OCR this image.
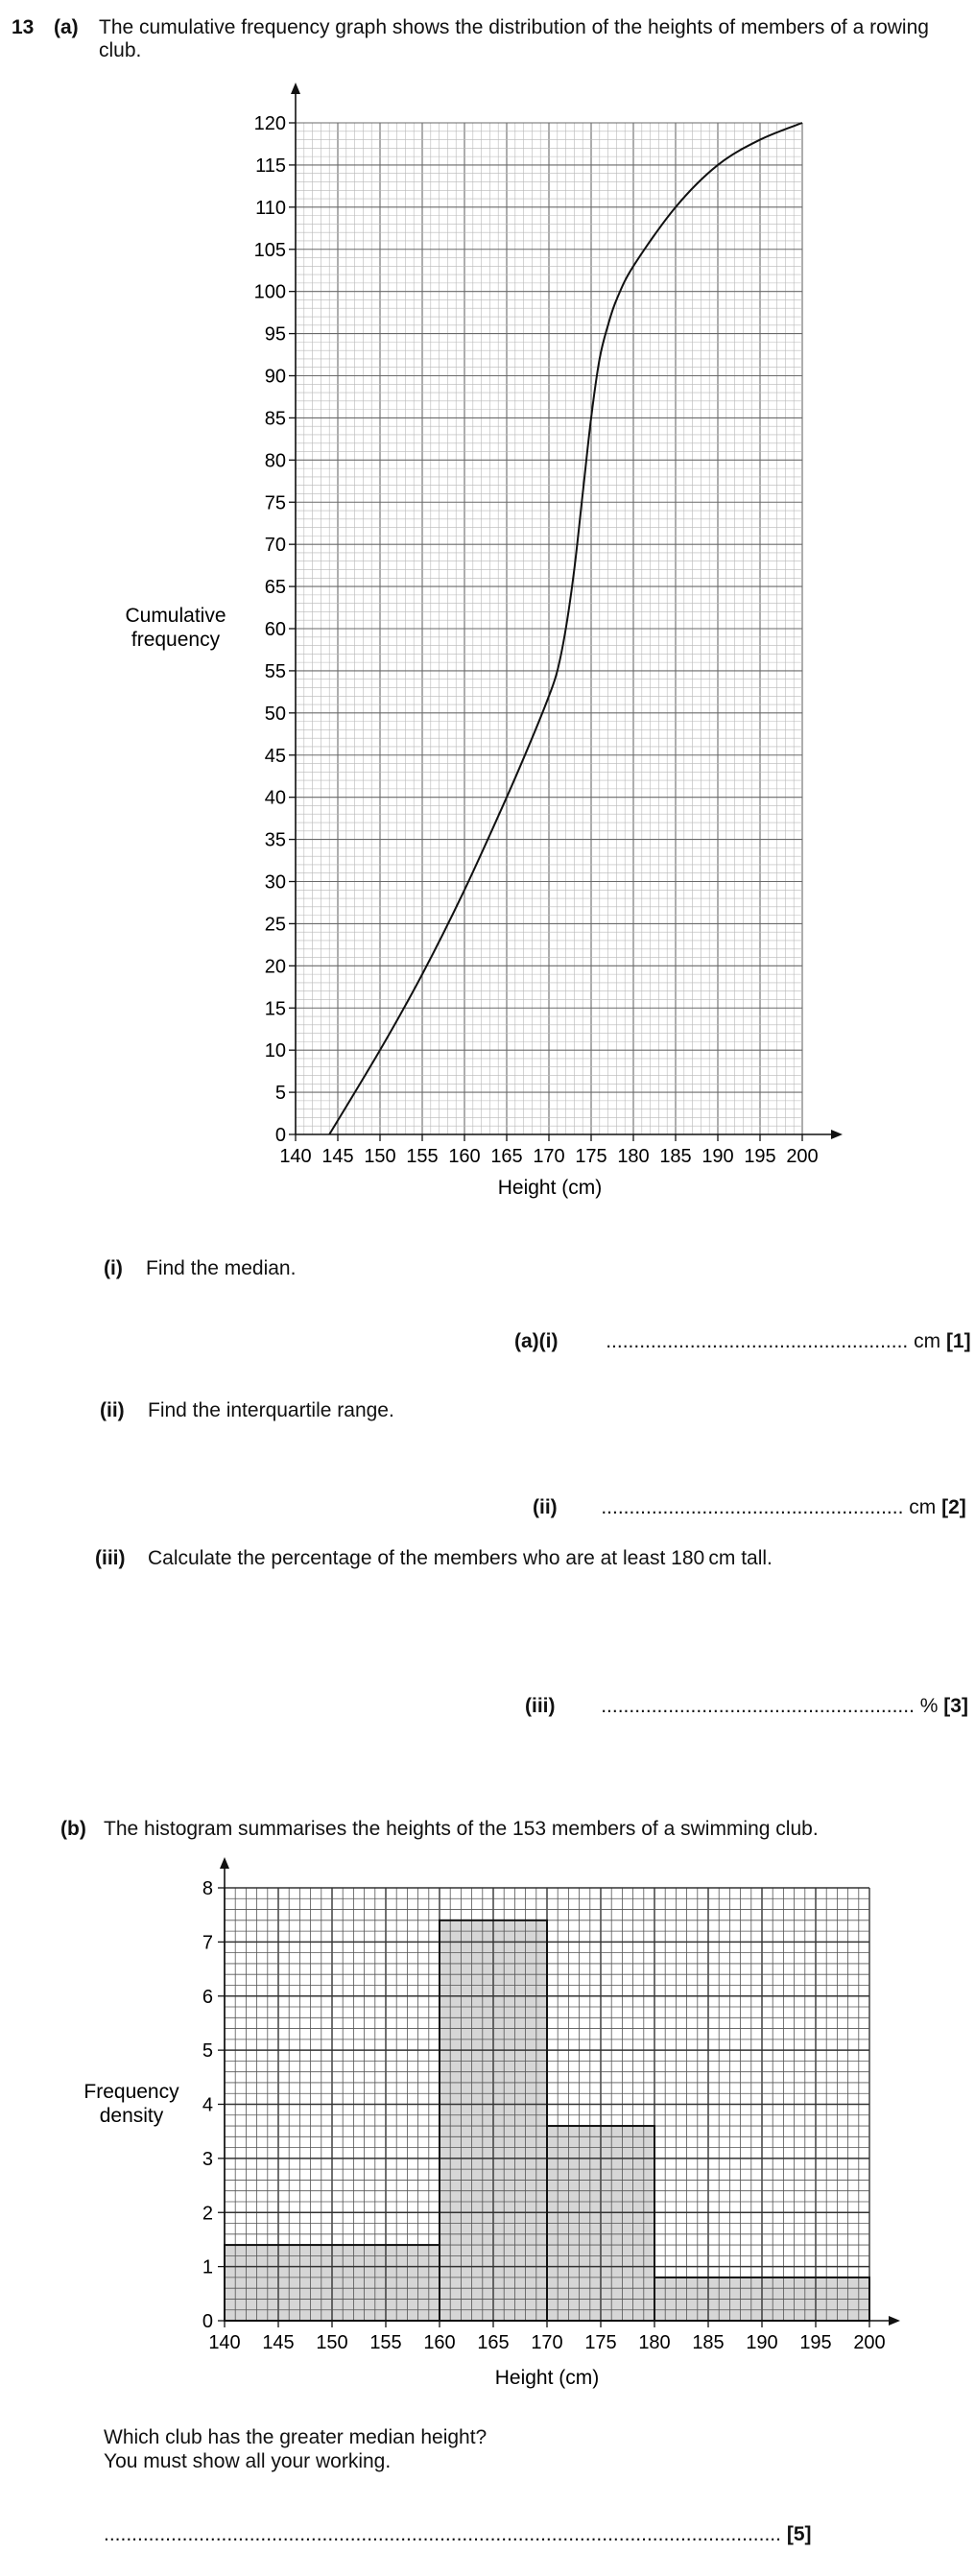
13 (a) The cumulative frequency graph shows the distribution of the heights of members of a rowing
club.
0
5
10
15
20
25
30
35
40
45
50
55
60
65
70
75
80
85
90
95
100
105
110
115
120
140 145 150 155 160 165 170 175 180 185 190 195 200
Cumulative
frequency
Height (cm)
(i) Find the median.
(a)(i) ...................................................... cm [1]
(ii) Find the interquartile range.
(ii) ...................................................... cm [2]
(iii) Calculate the percentage of the members who are at least 180 cm tall.
(iii) ........................................................ % [3]
(b) The histogram summarises the heights of the 153 members of a swimming club.
0
1
2
3
4
5
6
7
8
140 145 150 155 160 165 170 175 180 185 190 195 200
Frequency
density
Height (cm)
Which club has the greater median height?
You must show all your working.
......................................................................................................................... [5]
